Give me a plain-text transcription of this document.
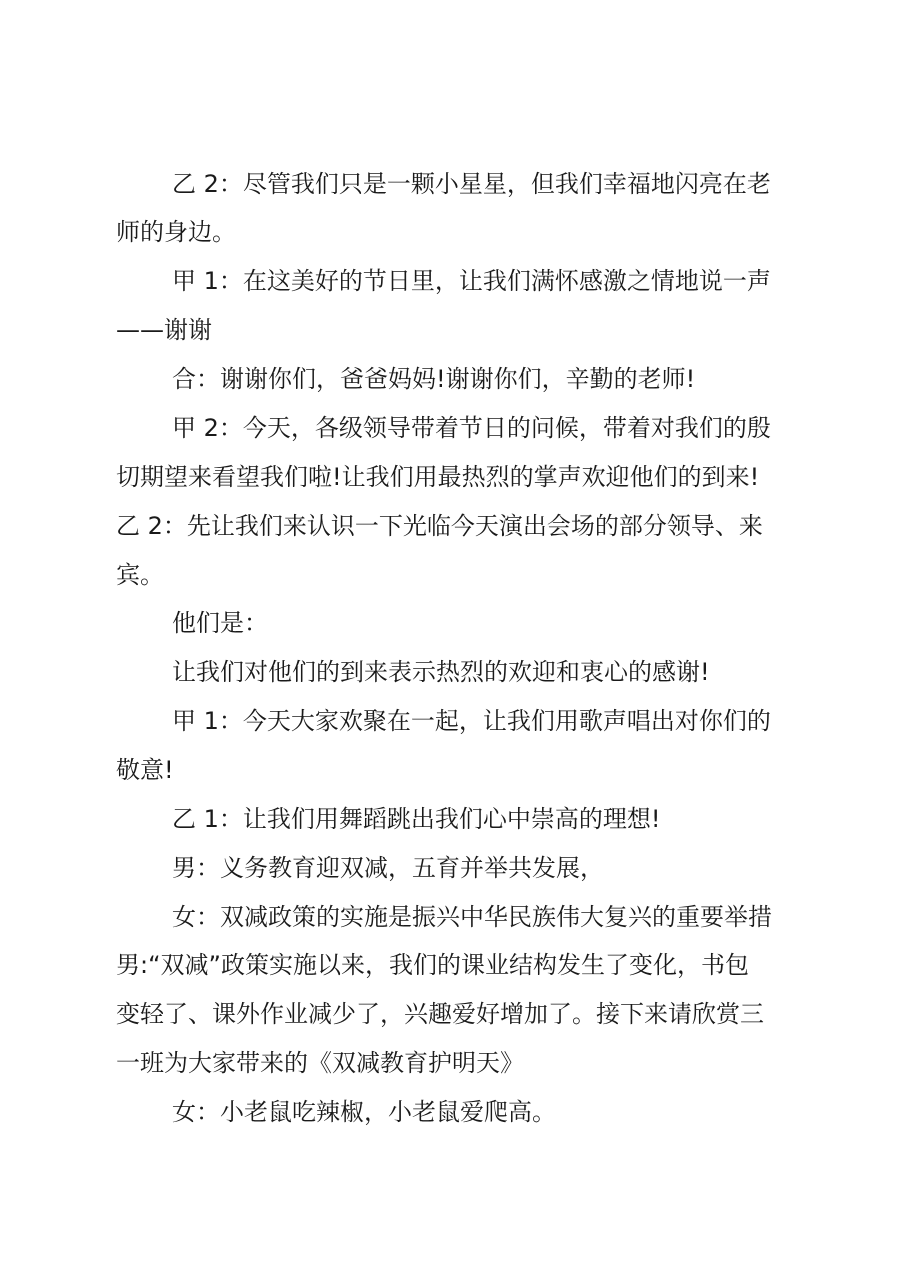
乙 2：尽管我们只是一颗小星星，但我们幸福地闪亮在老
师的身边。
甲 1：在这美好的节日里，让我们满怀感激之情地说一声
——谢谢
合：谢谢你们，爸爸妈妈!谢谢你们，辛勤的老师!
甲 2：今天，各级领导带着节日的问候，带着对我们的殷
切期望来看望我们啦!让我们用最热烈的掌声欢迎他们的到来!
乙 2：先让我们来认识一下光临今天演出会场的部分领导、来
宾。
他们是：
让我们对他们的到来表示热烈的欢迎和衷心的感谢!
甲 1：今天大家欢聚在一起，让我们用歌声唱出对你们的
敬意!
乙 1：让我们用舞蹈跳出我们心中崇高的理想!
男：义务教育迎双减，五育并举共发展，
女：双减政策的实施是振兴中华民族伟大复兴的重要举措
男:“双减”政策实施以来，我们的课业结构发生了变化，书包
变轻了、课外作业减少了，兴趣爱好增加了。接下来请欣赏三
一班为大家带来的《双减教育护明天》
女：小老鼠吃辣椒，小老鼠爱爬高。
